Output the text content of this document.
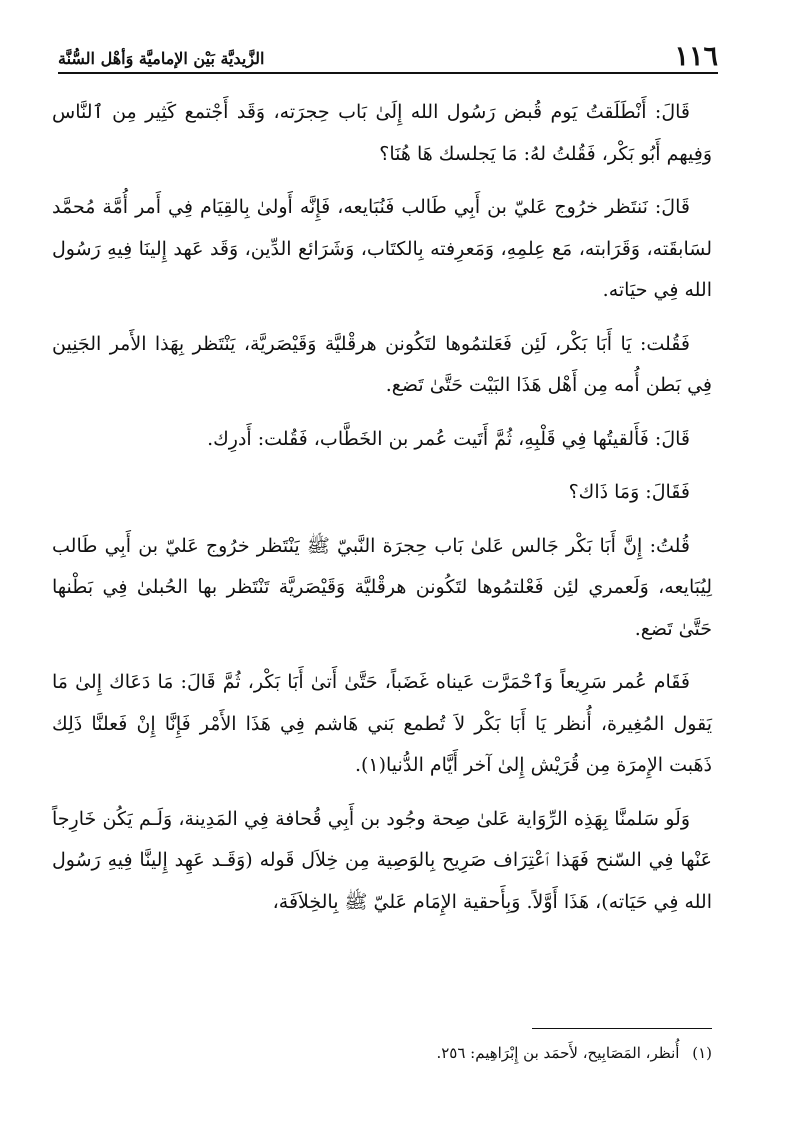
١١٦
الزَّيديَّة بَيْن الإماميَّة وَأهْل السُّنَّة

قَالَ: أَنْطَلَقتُ يَوم قُبض رَسُول الله إِلَىٰ بَاب حِجرَته، وَقَد أَجْتمع كَثِير مِن ٱلنَّاس وَفِيهم أَبُو بَكْر، فَقُلتُ لهُ: مَا يَجلسك هَا هُنَا؟

قَالَ: نَنتَظر خرُوج عَليّ بن أَبِي طَالب فَنُبَايعه، فَإِنَّه أَولىٰ بِالقِيَام فِي أَمر أُمَّة مُحمَّد لسَابقَته، وَقَرَابته، مَع عِلمِهِ، وَمَعرِفته بِالكتَاب، وَشَرَائع الدِّين، وَقَد عَهد إِلينَا فِيهِ رَسُول الله فِي حيَاته.

فَقُلت: يَا أَبَا بَكْر، لَئِن فَعَلتمُوها لتَكُونن هرقْليَّة وَقَيْصَريَّة، يَنْتَظر بِهَذا الأَمر الجَنِين فِي بَطن أُمه مِن أَهْل هَذَا البَيْت حَتَّىٰ تَضع.

قَالَ: فَأَلقيتُها فِي قَلْبِهِ، ثُمَّ أَتَيت عُمر بن الخَطَّاب، فَقُلت: أَدرِك.

فَقَالَ: وَمَا ذَاك؟

قُلتُ: إِنَّ أَبَا بَكْر جَالس عَلىٰ بَاب حِجرَة النَّبيّ ﷺ يَنْتَظر خرُوج عَليّ بن أَبِي طَالب لِيُبَايعه، وَلَعمري لئِن فَعْلتمُوها لتَكُونن هرقْليَّة وَقَيْصَريَّة تَنْتَظر بها الحُبلىٰ فِي بَطْنها حَتَّىٰ تَضع.

فَقَام عُمر سَرِيعاً وَٱحْمَرَّت عَيناه غَضَباً، حَتَّىٰ أَتىٰ أَبَا بَكْر، ثُمَّ قَالَ: مَا دَعَاك إِلىٰ مَا يَقول المُغِيرة، أُنظر يَا أَبَا بَكْر لاَ تُطمع بَني هَاشم فِي هَذَا الأَمْر فَإِنَّا إِنْ فَعلنَّا ذَلِك ذَهَبت الإِمرَة مِن قُرَيْش إِلىٰ آخر أَيَّام الدُّنيا(١).

وَلَو سَلمنَّا بِهَذِه الرِّوَاية عَلىٰ صِحة وجُود بن أَبِي قُحافة فِي المَدِينة، وَلَـم يَكُن خَارِجاً عَنْها فِي السّنح فَهَذا ٱعْتِرَاف صَرِيح بِالوَصِية مِن خِلاَل قَوله (وَقَـد عَهِد إِلينَّا فِيهِ رَسُول الله فِي حَيَاته)، هَذَا أَوَّلاً. وَبِأَحقية الإِمَام عَليّ ﷺ بِالخِلاَفَة،

(١) أُنظر، المَصَابِيح، لأَحمَد بن إِبْرَاهِيم: ٢٥٦.
